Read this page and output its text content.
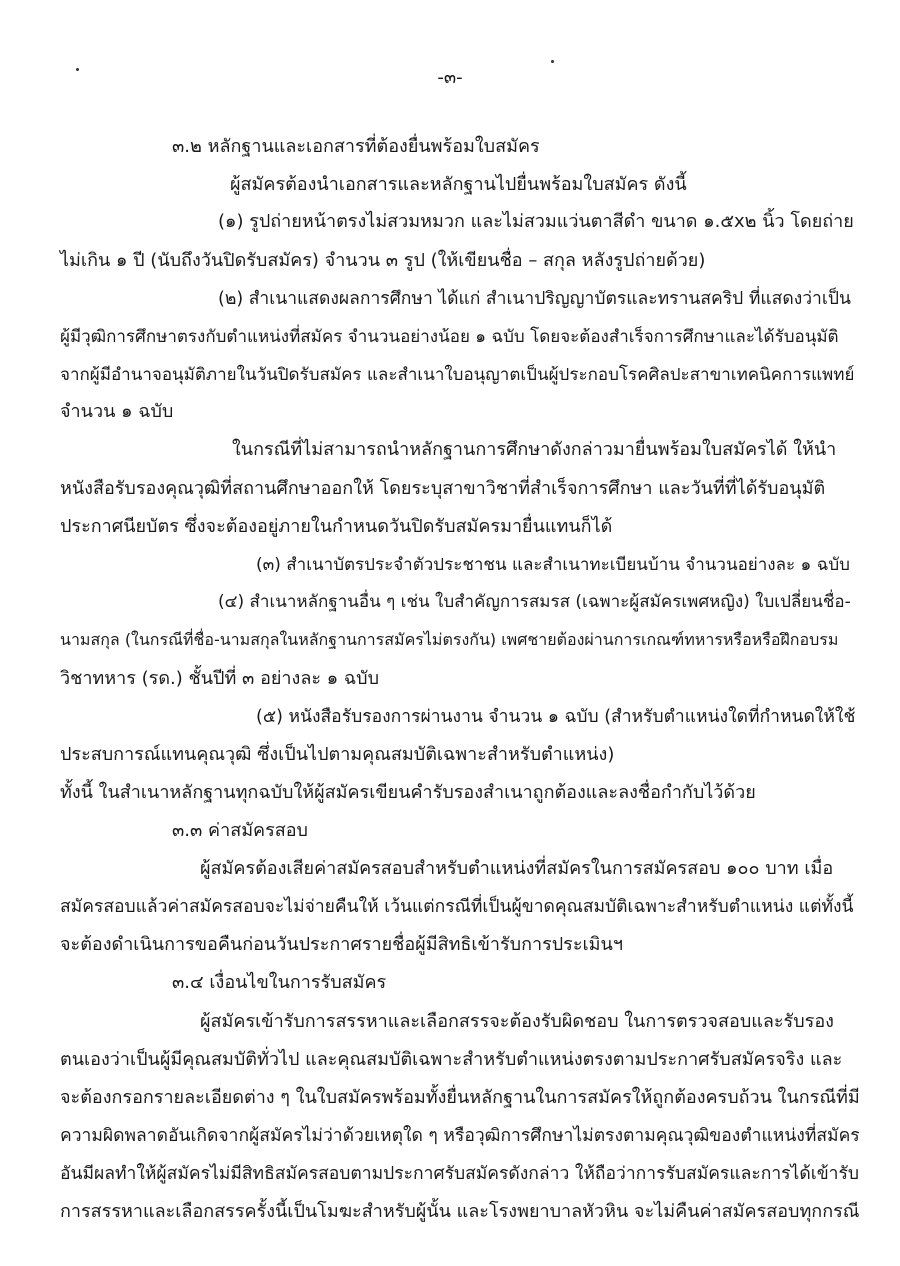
-๓-
๓.๒ หลักฐานและเอกสารที่ต้องยื่นพร้อมใบสมัคร
ผู้สมัครต้องนำเอกสารและหลักฐานไปยื่นพร้อมใบสมัคร ดังนี้
(๑) รูปถ่ายหน้าตรงไม่สวมหมวก และไม่สวมแว่นตาสีดำ ขนาด ๑.๕x๒ นิ้ว โดยถ่าย
ไม่เกิน ๑ ปี (นับถึงวันปิดรับสมัคร) จำนวน ๓ รูป (ให้เขียนชื่อ – สกุล หลังรูปถ่ายด้วย)
(๒) สำเนาแสดงผลการศึกษา ได้แก่ สำเนาปริญญาบัตรและทรานสคริป ที่แสดงว่าเป็น
ผู้มีวุฒิการศึกษาตรงกับตำแหน่งที่สมัคร จำนวนอย่างน้อย ๑ ฉบับ โดยจะต้องสำเร็จการศึกษาและได้รับอนุมัติ
จากผู้มีอำนาจอนุมัติภายในวันปิดรับสมัคร และสำเนาใบอนุญาตเป็นผู้ประกอบโรคศิลปะสาขาเทคนิคการแพทย์
จำนวน ๑ ฉบับ
ในกรณีที่ไม่สามารถนำหลักฐานการศึกษาดังกล่าวมายื่นพร้อมใบสมัครได้ ให้นำ
หนังสือรับรองคุณวุฒิที่สถานศึกษาออกให้ โดยระบุสาขาวิชาที่สำเร็จการศึกษา และวันที่ที่ได้รับอนุมัติ
ประกาศนียบัตร ซึ่งจะต้องอยู่ภายในกำหนดวันปิดรับสมัครมายื่นแทนก็ได้
(๓) สำเนาบัตรประจำตัวประชาชน และสำเนาทะเบียนบ้าน จำนวนอย่างละ ๑ ฉบับ
(๔) สำเนาหลักฐานอื่น ๆ เช่น ใบสำคัญการสมรส (เฉพาะผู้สมัครเพศหญิง) ใบเปลี่ยนชื่อ-
นามสกุล (ในกรณีที่ชื่อ-นามสกุลในหลักฐานการสมัครไม่ตรงกัน) เพศชายต้องผ่านการเกณฑ์ทหารหรือหรือฝึกอบรม
วิชาทหาร (รด.) ชั้นปีที่ ๓ อย่างละ ๑ ฉบับ
(๕) หนังสือรับรองการผ่านงาน จำนวน ๑ ฉบับ (สำหรับตำแหน่งใดที่กำหนดให้ใช้
ประสบการณ์แทนคุณวุฒิ ซึ่งเป็นไปตามคุณสมบัติเฉพาะสำหรับตำแหน่ง)
ทั้งนี้ ในสำเนาหลักฐานทุกฉบับให้ผู้สมัครเขียนคำรับรองสำเนาถูกต้องและลงชื่อกำกับไว้ด้วย
๓.๓ ค่าสมัครสอบ
ผู้สมัครต้องเสียค่าสมัครสอบสำหรับตำแหน่งที่สมัครในการสมัครสอบ ๑๐๐ บาท เมื่อ
สมัครสอบแล้วค่าสมัครสอบจะไม่จ่ายคืนให้ เว้นแต่กรณีที่เป็นผู้ขาดคุณสมบัติเฉพาะสำหรับตำแหน่ง แต่ทั้งนี้
จะต้องดำเนินการขอคืนก่อนวันประกาศรายชื่อผู้มีสิทธิเข้ารับการประเมินฯ
๓.๔ เงื่อนไขในการรับสมัคร
ผู้สมัครเข้ารับการสรรหาและเลือกสรรจะต้องรับผิดชอบ ในการตรวจสอบและรับรอง
ตนเองว่าเป็นผู้มีคุณสมบัติทั่วไป และคุณสมบัติเฉพาะสำหรับตำแหน่งตรงตามประกาศรับสมัครจริง และ
จะต้องกรอกรายละเอียดต่าง ๆ ในใบสมัครพร้อมทั้งยื่นหลักฐานในการสมัครให้ถูกต้องครบถ้วน ในกรณีที่มี
ความผิดพลาดอันเกิดจากผู้สมัครไม่ว่าด้วยเหตุใด ๆ หรือวุฒิการศึกษาไม่ตรงตามคุณวุฒิของตำแหน่งที่สมัคร
อันมีผลทำให้ผู้สมัครไม่มีสิทธิสมัครสอบตามประกาศรับสมัครดังกล่าว ให้ถือว่าการรับสมัครและการได้เข้ารับ
การสรรหาและเลือกสรรครั้งนี้เป็นโมฆะสำหรับผู้นั้น และโรงพยาบาลหัวหิน จะไม่คืนค่าสมัครสอบทุกกรณี
